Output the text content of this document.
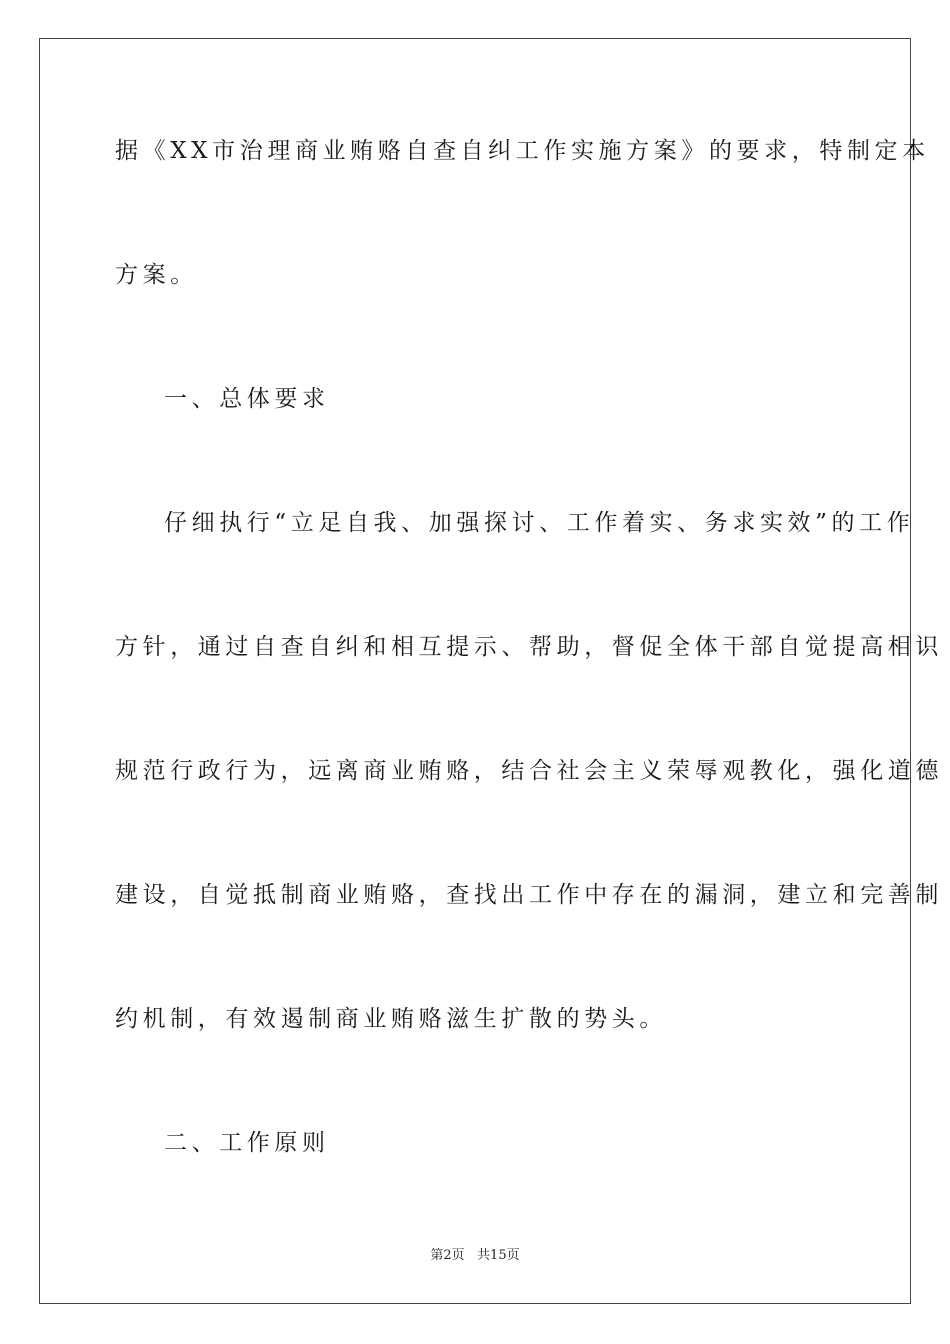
据《XX市治理商业贿赂自查自纠工作实施方案》的要求，特制定本
方案。
一、总体要求
仔细执行“立足自我、加强探讨、工作着实、务求实效”的工作
方针，通过自查自纠和相互提示、帮助，督促全体干部自觉提高相识
规范行政行为，远离商业贿赂，结合社会主义荣辱观教化，强化道德
建设，自觉抵制商业贿赂，查找出工作中存在的漏洞，建立和完善制
约机制，有效遏制商业贿赂滋生扩散的势头。
二、工作原则
第2页   共15页
